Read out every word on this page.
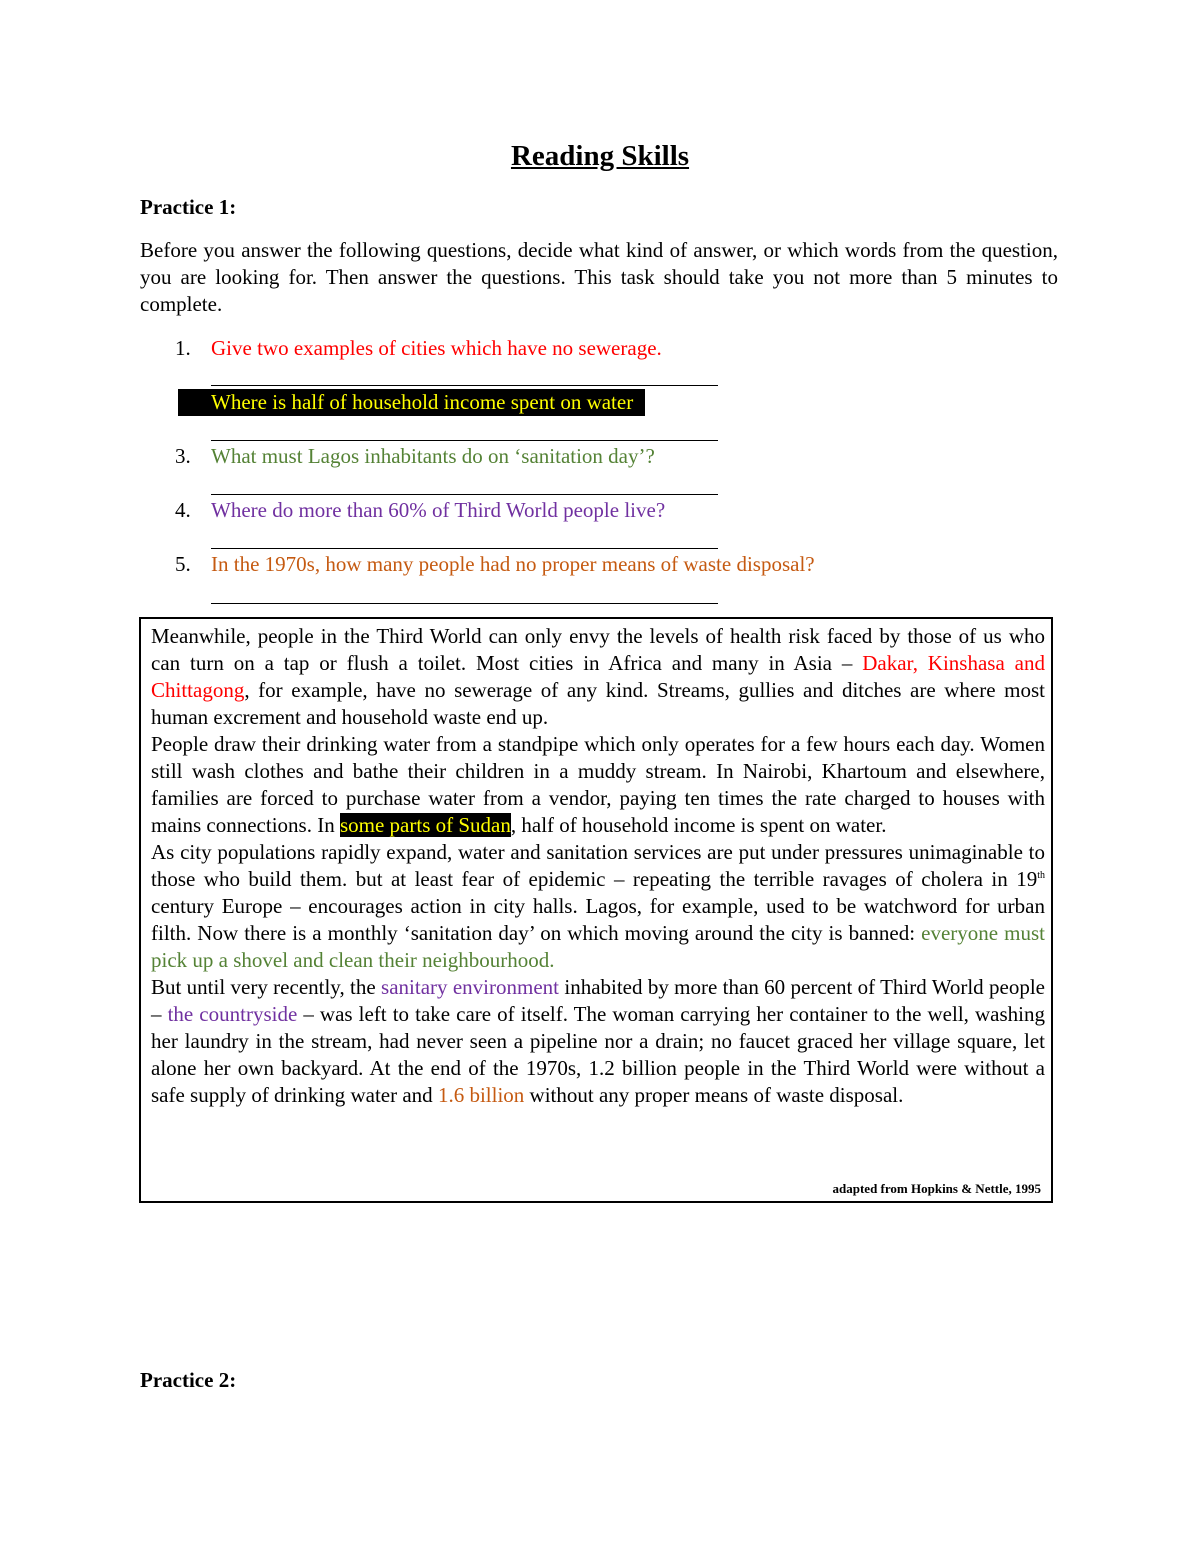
Reading Skills
Practice 1:

Before you answer the following questions, decide what kind of answer, or which words from the question, you are looking for. Then answer the questions. This task should take you not more than 5 minutes to complete.

1. Give two examples of cities which have no sewerage.
Where is half of household income spent on water
3. What must Lagos inhabitants do on ‘sanitation day’?
4. Where do more than 60% of Third World people live?
5. In the 1970s, how many people had no proper means of waste disposal?

Meanwhile, people in the Third World can only envy the levels of health risk faced by those of us who can turn on a tap or flush a toilet. Most cities in Africa and many in Asia – Dakar, Kinshasa and Chittagong, for example, have no sewerage of any kind. Streams, gullies and ditches are where most human excrement and household waste end up.

People draw their drinking water from a standpipe which only operates for a few hours each day. Women still wash clothes and bathe their children in a muddy stream. In Nairobi, Khartoum and elsewhere, families are forced to purchase water from a vendor, paying ten times the rate charged to houses with mains connections. In some parts of Sudan, half of household income is spent on water.

As city populations rapidly expand, water and sanitation services are put under pressures unimaginable to those who build them. but at least fear of epidemic – repeating the terrible ravages of cholera in 19th century Europe – encourages action in city halls. Lagos, for example, used to be watchword for urban filth. Now there is a monthly ‘sanitation day’ on which moving around the city is banned: everyone must pick up a shovel and clean their neighbourhood.

But until very recently, the sanitary environment inhabited by more than 60 percent of Third World people – the countryside – was left to take care of itself. The woman carrying her container to the well, washing her laundry in the stream, had never seen a pipeline nor a drain; no faucet graced her village square, let alone her own backyard. At the end of the 1970s, 1.2 billion people in the Third World were without a safe supply of drinking water and 1.6 billion without any proper means of waste disposal.

adapted from Hopkins & Nettle, 1995

Practice 2:
